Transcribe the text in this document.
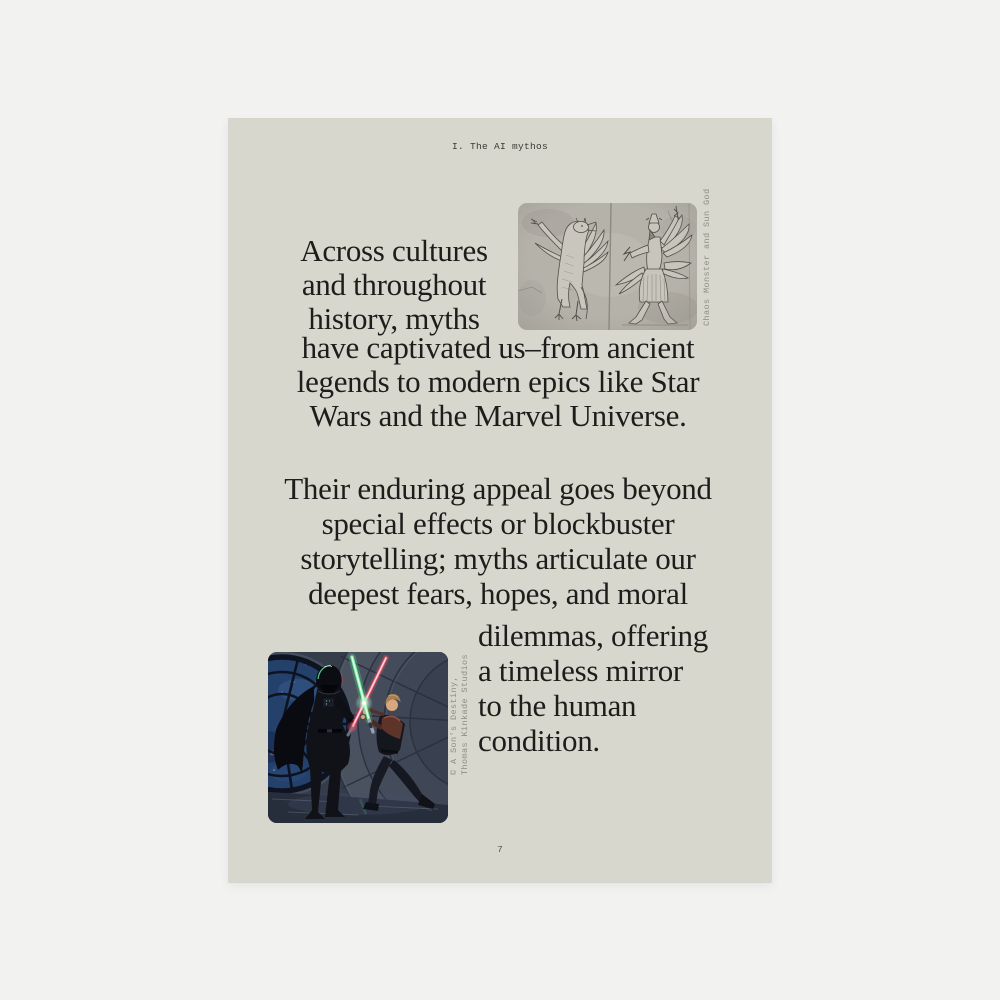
I. The AI mythos
Chaos Monster and Sun God
Across cultures
and throughout
history, myths
have captivated us–from ancient
legends to modern epics like Star
Wars and the Marvel Universe.
Their enduring appeal goes beyond
special effects or blockbuster
storytelling; myths articulate our
deepest fears, hopes, and moral
dilemmas, offering
a timeless mirror
to the human
condition.
© A Son's Destiny, Thomas Kinkade Studios
7
